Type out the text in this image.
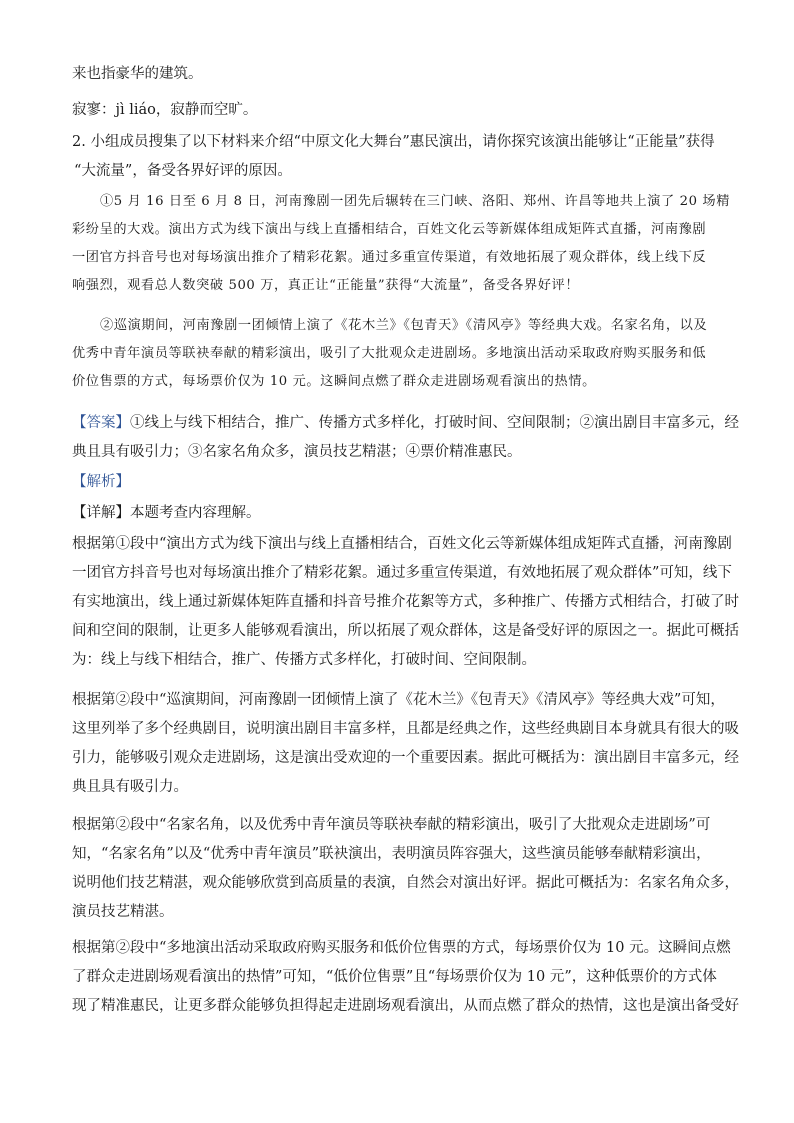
来也指豪华的建筑。

寂寥：jì liáo，寂静而空旷。

2. 小组成员搜集了以下材料来介绍“中原文化大舞台”惠民演出，请你探究该演出能够让“正能量”获得
“大流量”，备受各界好评的原因。
①5 月 16 日至 6 月 8 日，河南豫剧一团先后辗转在三门峡、洛阳、郑州、许昌等地共上演了 20 场精
彩纷呈的大戏。演出方式为线下演出与线上直播相结合，百姓文化云等新媒体组成矩阵式直播，河南豫剧
一团官方抖音号也对每场演出推介了精彩花絮。通过多重宣传渠道，有效地拓展了观众群体，线上线下反
响强烈，观看总人数突破 500 万，真正让“正能量”获得“大流量”，备受各界好评！
②巡演期间，河南豫剧一团倾情上演了《花木兰》《包青天》《清风亭》等经典大戏。名家名角，以及
优秀中青年演员等联袂奉献的精彩演出，吸引了大批观众走进剧场。多地演出活动采取政府购买服务和低
价位售票的方式，每场票价仅为 10 元。这瞬间点燃了群众走进剧场观看演出的热情。
【答案】①线上与线下相结合，推广、传播方式多样化，打破时间、空间限制；②演出剧目丰富多元，经
典且具有吸引力；③名家名角众多，演员技艺精湛；④票价精准惠民。
【解析】
【详解】本题考查内容理解。
根据第①段中“演出方式为线下演出与线上直播相结合，百姓文化云等新媒体组成矩阵式直播，河南豫剧
一团官方抖音号也对每场演出推介了精彩花絮。通过多重宣传渠道，有效地拓展了观众群体”可知，线下
有实地演出，线上通过新媒体矩阵直播和抖音号推介花絮等方式，多种推广、传播方式相结合，打破了时
间和空间的限制，让更多人能够观看演出，所以拓展了观众群体，这是备受好评的原因之一。据此可概括
为：线上与线下相结合，推广、传播方式多样化，打破时间、空间限制。
根据第②段中“巡演期间，河南豫剧一团倾情上演了《花木兰》《包青天》《清风亭》等经典大戏”可知，
这里列举了多个经典剧目，说明演出剧目丰富多样，且都是经典之作，这些经典剧目本身就具有很大的吸
引力，能够吸引观众走进剧场，这是演出受欢迎的一个重要因素。据此可概括为：演出剧目丰富多元，经
典且具有吸引力。
根据第②段中“名家名角，以及优秀中青年演员等联袂奉献的精彩演出，吸引了大批观众走进剧场”可
知，“名家名角”以及“优秀中青年演员”联袂演出，表明演员阵容强大，这些演员能够奉献精彩演出，
说明他们技艺精湛，观众能够欣赏到高质量的表演，自然会对演出好评。据此可概括为：名家名角众多，
演员技艺精湛。
根据第②段中“多地演出活动采取政府购买服务和低价位售票的方式，每场票价仅为 10 元。这瞬间点燃
了群众走进剧场观看演出的热情”可知，“低价位售票”且“每场票价仅为 10 元”，这种低票价的方式体
现了精准惠民，让更多群众能够负担得起走进剧场观看演出，从而点燃了群众的热情，这也是演出备受好
